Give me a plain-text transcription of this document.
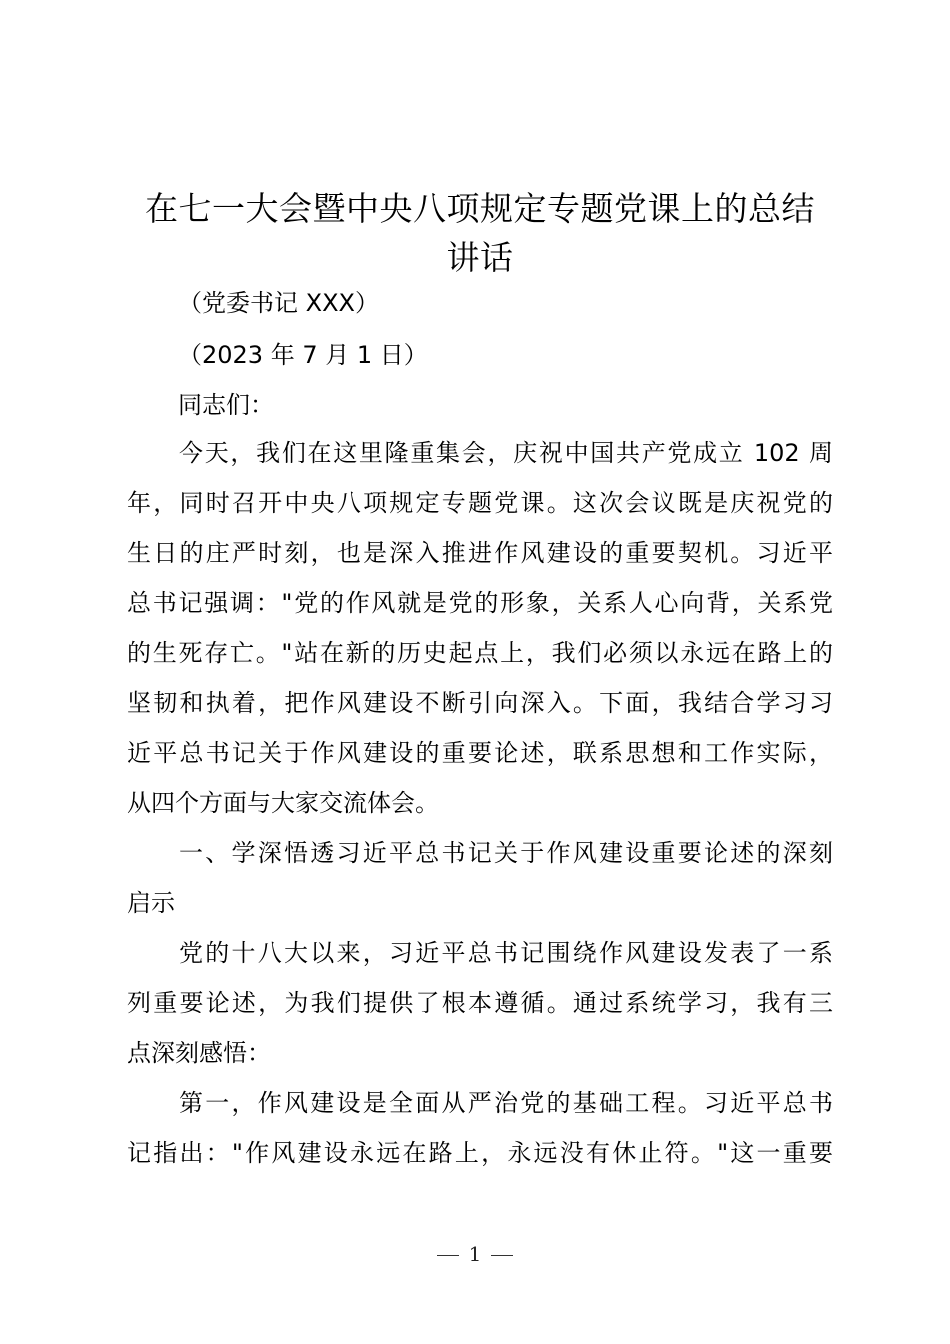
在七一大会暨中央八项规定专题党课上的总结
讲话
（党委书记 XXX）
（2023 年 7 月 1 日）
同志们：
今天，我们在这里隆重集会，庆祝中国共产党成立 102 周
年，同时召开中央八项规定专题党课。这次会议既是庆祝党的
生日的庄严时刻，也是深入推进作风建设的重要契机。习近平
总书记强调："党的作风就是党的形象，关系人心向背，关系党
的生死存亡。"站在新的历史起点上，我们必须以永远在路上的
坚韧和执着，把作风建设不断引向深入。下面，我结合学习习
近平总书记关于作风建设的重要论述，联系思想和工作实际，
从四个方面与大家交流体会。
一、学深悟透习近平总书记关于作风建设重要论述的深刻
启示
党的十八大以来，习近平总书记围绕作风建设发表了一系
列重要论述，为我们提供了根本遵循。通过系统学习，我有三
点深刻感悟：
第一，作风建设是全面从严治党的基础工程。习近平总书
记指出："作风建设永远在路上，永远没有休止符。"这一重要
1
